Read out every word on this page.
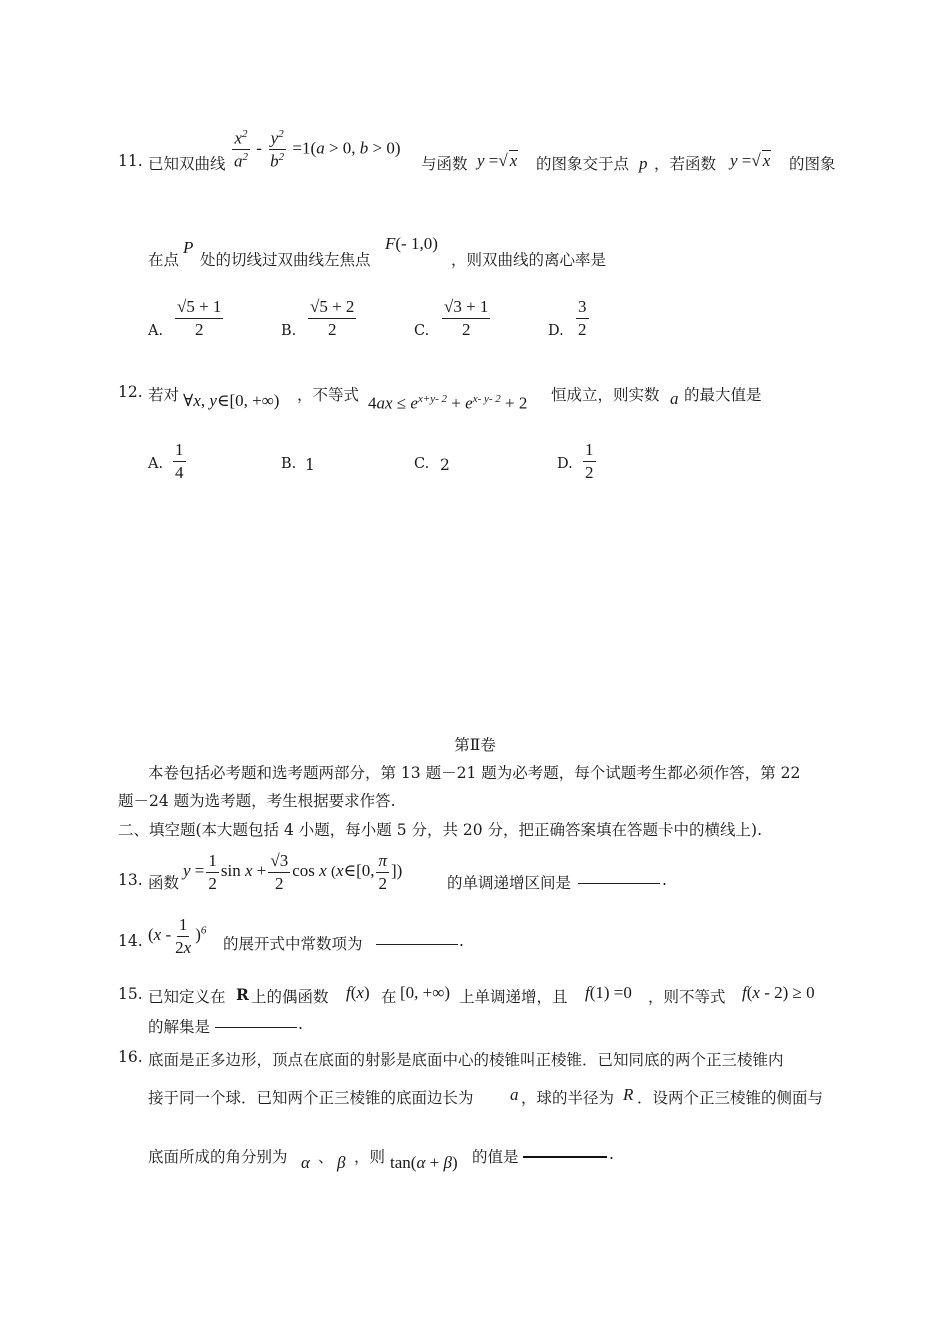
11. 已知双曲线 $\frac{x^2}{a^2} - \frac{y^2}{b^2} =1(a > 0$, b > 0)
与函数 y =√ x 的图象交于点 p ，若函数 y =√ x 的图象
在点
P
处的切线过双曲线左焦点
F(- 1,0)
，则双曲线的离心率是
A. $\frac{√5 + 1}{2}$	B. $\frac{√5 + 2}{2}$	C. $\frac{√3 + 1}{2}$	D. $\frac{3}{2}$
12. 若对 ∀x, y∈[0, +∞) ，不等式 $4ax \le e^{x+y- 2} + e^{x- y- 2} + 2$ 恒成立，则实数 a 的最大值是
A. $\frac{1}{4}$	B. 1	C. 2	D. $\frac{1}{2}$
第Ⅱ卷
本卷包括必考题和选考题两部分，第 13 题－21 题为必考题，每个试题考生都必须作答，第 22
题－24 题为选考题，考生根据要求作答.
二、填空题(本大题包括 4 小题，每小题 5 分，共 20 分，把正确答案填在答题卡中的横线上).
13. 函数
$y = \frac{1}{2}$ $\sin x + \frac{√3}{2}$ cos x (x∈[0, $\frac{\pi}{2}$ ])
的单调递增区间是	.
14. $(x - \frac{1}{2x} )^6$
的展开式中常数项为	.
15. 已知定义在 R 上的偶函数 f(x) 在 [0, +∞) 上单调递增，且 f(1) =0 ，则不等式 f(x - 2) ≥ 0
的解集是	.
16. 底面是正多边形，顶点在底面的射影是底面中心的棱锥叫正棱锥．已知同底的两个正三棱锥内
接于同一个球．已知两个正三棱锥的底面边长为 a ，球的半径为 R ．设两个正三棱锥的侧面与
底面所成的角分别为 α 、 β ，则 tan(α + β) 的值是	.
